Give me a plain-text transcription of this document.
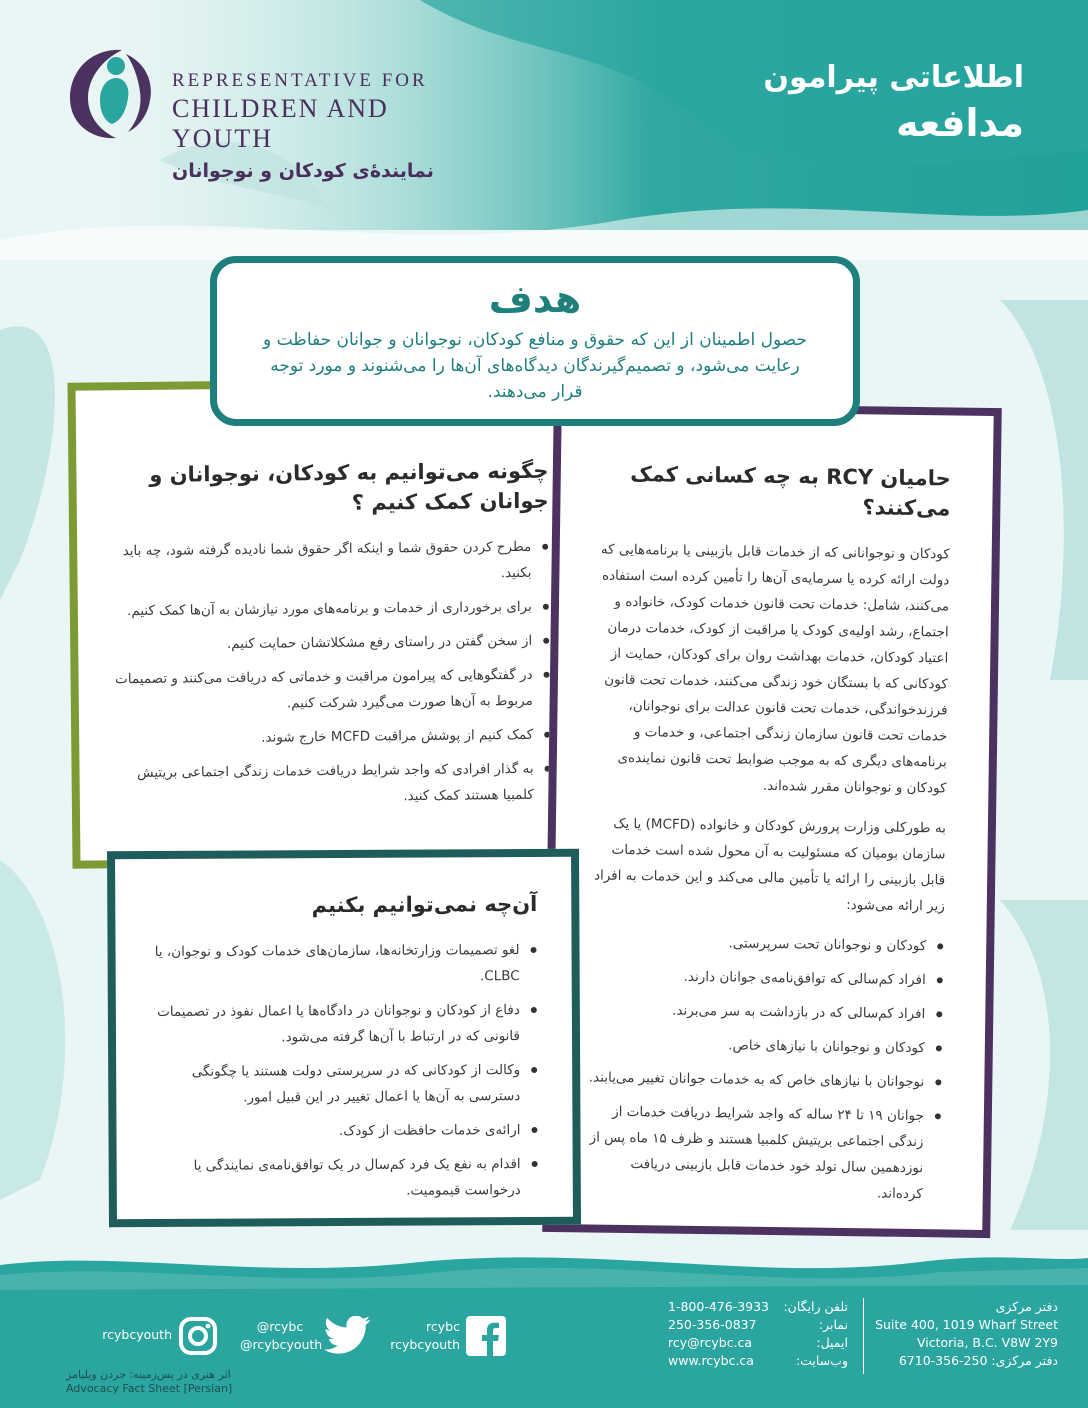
REPRESENTATIVE FOR
CHILDREN AND YOUTH
نمایندۀی کودکان و نوجوانان
اطلاعاتی پیرامون
مدافعه
هدف
حصول اطمینان از این که حقوق و منافع کودکان، نوجوانان و جوانان حفاظت و رعایت می‌شود، و تصمیم‌گیرندگان دیدگاه‌های آن‌ها را می‌شنوند و مورد توجه قرار می‌دهند.
چگونه می‌توانیم به کودکان، نوجوانان و جوانان کمک کنیم ؟
مطرح کردن حقوق شما و اینکه اگر حقوق شما نادیده گرفته شود، چه باید بکنید.
برای برخورداری از خدمات و برنامه‌های مورد نیازشان به آن‌ها کمک کنیم.
از سخن گفتن در راستای رفع مشکلاتشان حمایت کنیم.
در گفتگوهایی که پیرامون مراقبت و خدماتی که دریافت می‌کنند و تصمیمات مربوط به آن‌ها صورت می‌گیرد شرکت کنیم.
کمک کنیم از پوشش مراقبت MCFD خارج شوند.
به گذار افرادی که واجد شرایط دریافت خدمات زندگی اجتماعی بریتیش کلمبیا هستند کمک کنید.
حامیان RCY به چه کسانی کمک می‌کنند؟

کودکان و نوجوانانی که از خدمات قابل بازبینی یا برنامه‌هایی که دولت ارائه کرده یا سرمایه‌ی آن‌ها را تأمین کرده است استفاده می‌کنند، شامل: خدمات تحت قانون خدمات کودک، خانواده و اجتماع، رشد اولیه‌ی کودک یا مراقبت از کودک، خدمات درمان اعتیاد کودکان، خدمات بهداشت روان برای کودکان، حمایت از کودکانی که با بستگان خود زندگی می‌کنند، خدمات تحت قانون فرزندخواندگی، خدمات تحت قانون عدالت برای نوجوانان، خدمات تحت قانون سازمان زندگی اجتماعی، و خدمات و برنامه‌های دیگری که به موجب ضوابط تحت قانون نماینده‌ی کودکان و نوجوانان مقرر شده‌اند.

به طورکلی وزارت پرورش کودکان و خانواده (MCFD) یا یک سازمان بومیان که مسئولیت به آن محول شده است خدمات قابل بازبینی را ارائه یا تأمین مالی می‌کند و این خدمات به افراد زیر ارائه می‌شود:

کودکان و نوجوانان تحت سرپرستی.
افراد کم‌سالی که توافق‌نامه‌ی جوانان دارند.
افراد کم‌سالی که در بازداشت به سر می‌برند.
کودکان و نوجوانان با نیازهای خاص.
نوجوانان با نیازهای خاص که به خدمات جوانان تغییر می‌یابند.
جوانان ۱۹ تا ۲۴ ساله که واجد شرایط دریافت خدمات از زندگی اجتماعی بریتیش کلمبیا هستند و ظرف ۱۵ ماه پس از نوزدهمین سال تولد خود خدمات قابل بازبینی دریافت کرده‌اند.
آن‌چه نمی‌توانیم بکنیم
لغو تصمیمات وزارتخانه‌ها، سازمان‌های خدمات کودک و نوجوان، یا CLBC.
دفاع از کودکان و نوجوانان در دادگاه‌ها یا اعمال نفوذ در تصمیمات قانونی که در ارتباط با آن‌ها گرفته می‌شود.
وکالت از کودکانی که در سرپرستی دولت هستند یا چگونگی دسترسی به آن‌ها یا اعمال تغییر در این قبیل امور.
ارائه‌ی خدمات حافظت از کودک.
اقدام به نفع یک فرد کم‌سال در یک توافق‌نامه‌ی نمایندگی یا درخواست قیمومیت.
دفتر مرکزی
Suite 400, 1019 Wharf Street
Victoria, B.C. V8W 2Y9
دفتر مرکزی: 250-356-6710
تلفن رایگان:
1-800-476-3933
نمابر:
250-356-0837
ایمیل:
rcy@rcybc.ca
وب‌سایت:
www.rcybc.ca
rcybc
rcybcyouth
@rcybc
@rcybcyouth
rcybcyouth
اثر هنری در پس‌زمینه: جردن ویلیامز
Advocacy Fact Sheet [Persian]
